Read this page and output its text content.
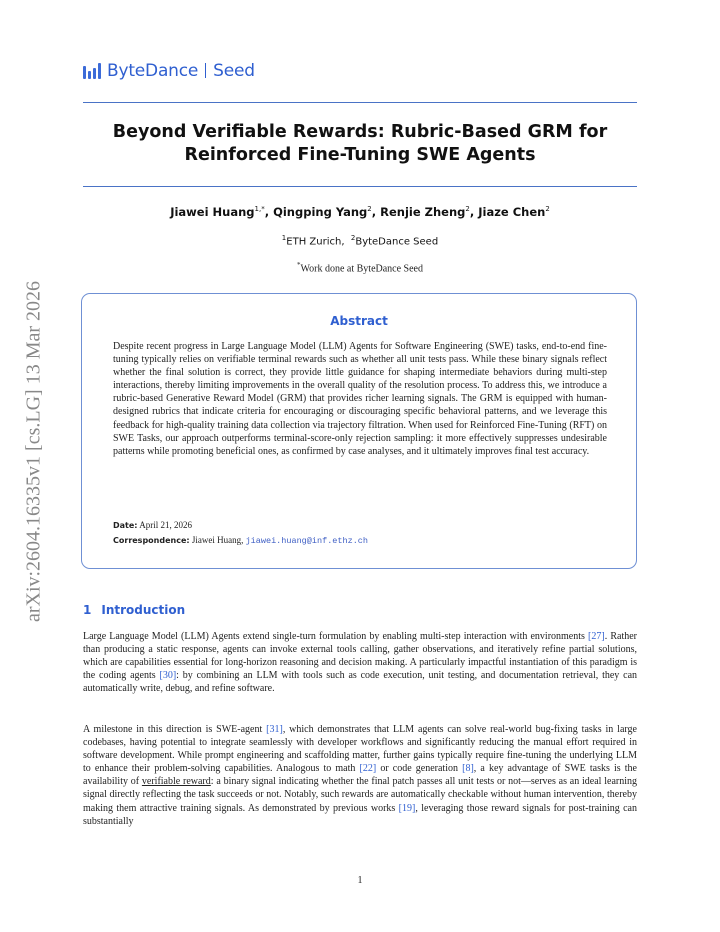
ByteDance Seed
Beyond Verifiable Rewards: Rubric-Based GRM for
Reinforced Fine-Tuning SWE Agents
Jiawei Huang$^{1,*}$, Qingping Yang$^2$, Renjie Zheng$^2$, Jiaze Chen$^2$
$^1$ETH Zurich,  $^2$ByteDance Seed
*Work done at ByteDance Seed
arXiv:2604.16335v1 [cs.LG] 13 Mar 2026	Abstract
Despite recent progress in Large Language Model (LLM) Agents for Software Engineering (SWE) tasks, end-to-end fine-tuning typically relies on verifiable terminal rewards such as whether all unit tests pass. While these binary signals reflect whether the final solution is correct, they provide little guidance for shaping intermediate behaviors during multi-step interactions, thereby limiting improvements in the overall quality of the resolution process. To address this, we introduce a rubric-based Generative Reward Model (GRM) that provides richer learning signals. The GRM is equipped with human-designed rubrics that indicate criteria for encouraging or discouraging specific behavioral patterns, and we leverage this feedback for high-quality training data collection via trajectory filtration. When used for Reinforced Fine-Tuning (RFT) on SWE Tasks, our approach outperforms terminal-score-only rejection sampling: it more effectively suppresses undesirable patterns while promoting beneficial ones, as confirmed by case analyses, and it ultimately improves final test accuracy.
Date: April 21, 2026
Correspondence: Jiawei Huang, jiawei.huang@inf.ethz.ch
1 Introduction

Large Language Model (LLM) Agents extend single-turn formulation by enabling multi-step interaction with environments [27]. Rather than producing a static response, agents can invoke external tools calling, gather observations, and iteratively refine partial solutions, which are capabilities essential for long-horizon reasoning and decision making. A particularly impactful instantiation of this paradigm is the coding agents [30]: by combining an LLM with tools such as code execution, unit testing, and documentation retrieval, they can automatically write, debug, and refine software.

A milestone in this direction is SWE-agent [31], which demonstrates that LLM agents can solve real-world bug-fixing tasks in large codebases, having potential to integrate seamlessly with developer workflows and significantly reducing the manual effort required in software development. While prompt engineering and scaffolding matter, further gains typically require fine-tuning the underlying LLM to enhance their problem-solving capabilities. Analogous to math [22] or code generation [8], a key advantage of SWE tasks is the availability of verifiable reward: a binary signal indicating whether the final patch passes all unit tests or not—serves as an ideal learning signal directly reflecting the task succeeds or not. Notably, such rewards are automatically checkable without human intervention, thereby making them attractive training signals. As demonstrated by previous works [19], leveraging those reward signals for post-training can substantially

1
